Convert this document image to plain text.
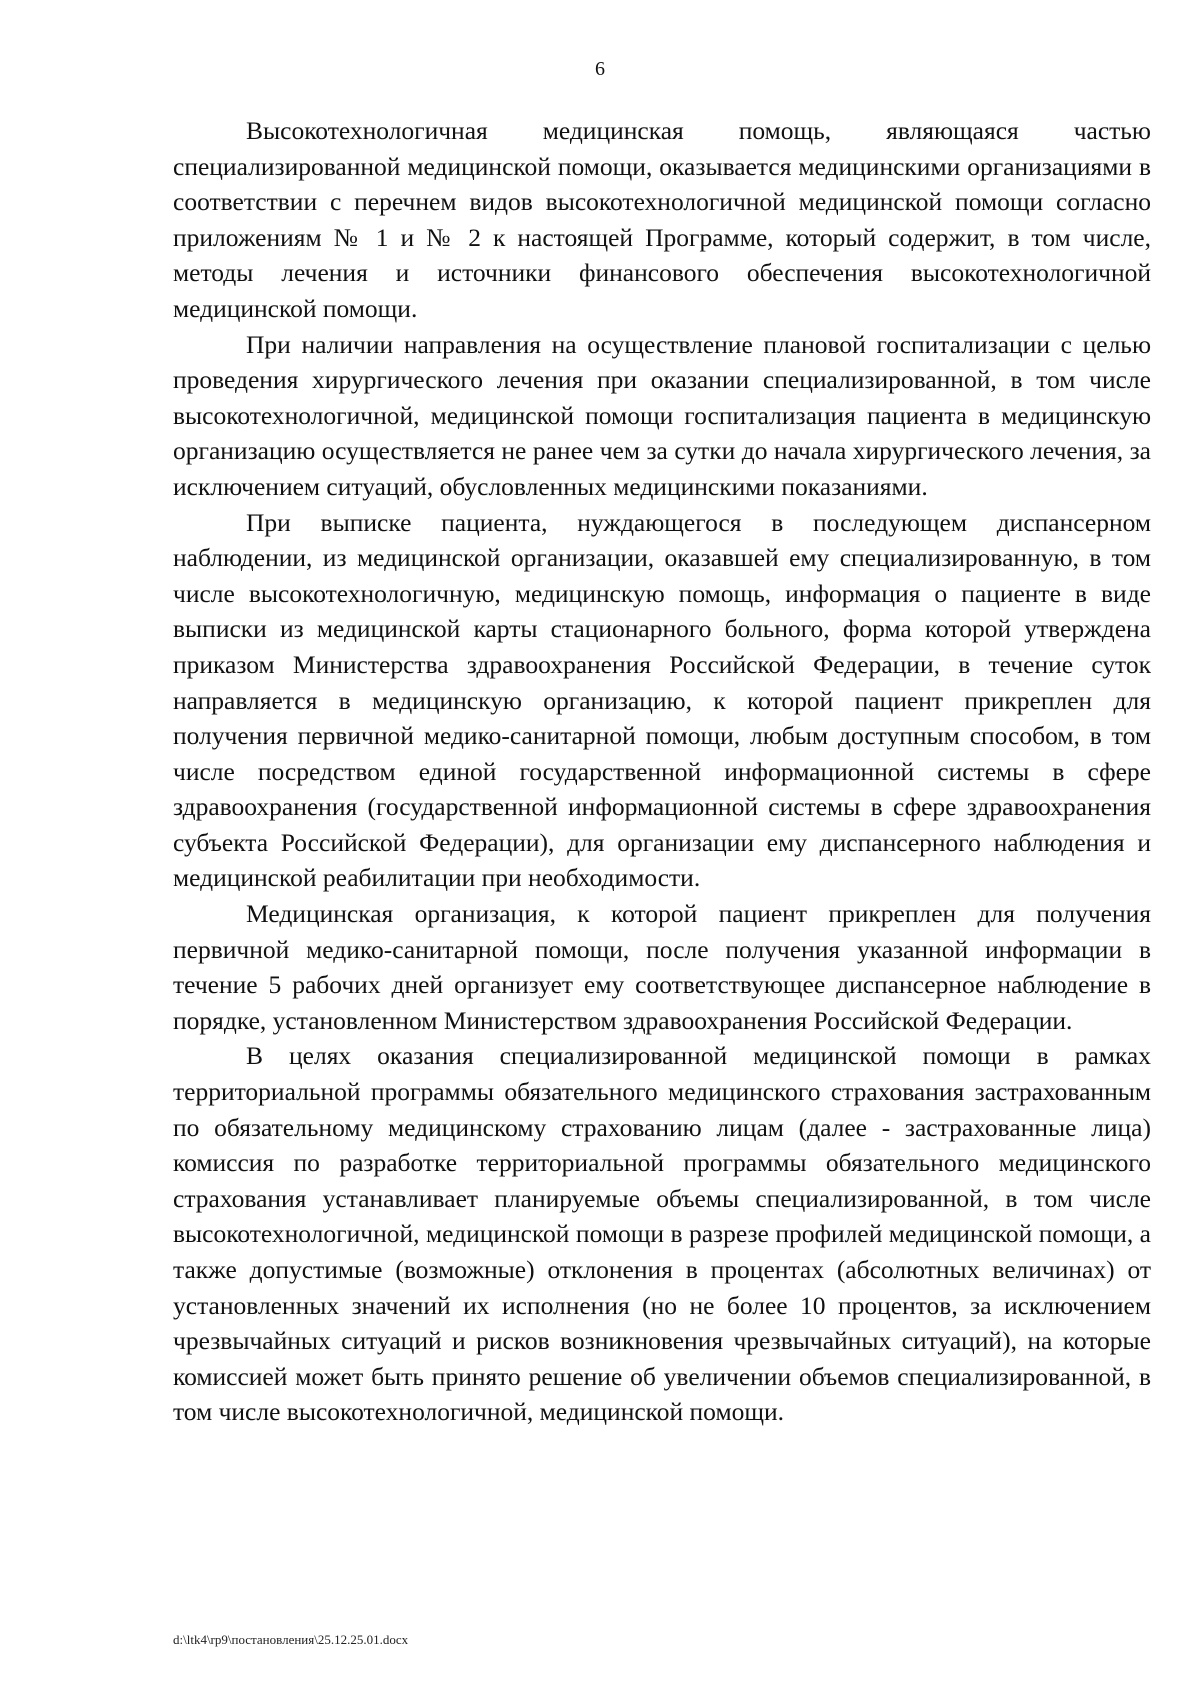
6

Высокотехнологичная медицинская помощь, являющаяся частью специализированной медицинской помощи, оказывается медицинскими организациями в соответствии с перечнем видов высокотехнологичной медицинской помощи согласно приложениям № 1 и № 2 к настоящей Программе, который содержит, в том числе, методы лечения и источники финансового обеспечения высокотехнологичной медицинской помощи.

При наличии направления на осуществление плановой госпитализации с целью проведения хирургического лечения при оказании специализированной, в том числе высокотехнологичной, медицинской помощи госпитализация пациента в медицинскую организацию осуществляется не ранее чем за сутки до начала хирургического лечения, за исключением ситуаций, обусловленных медицинскими показаниями.

При выписке пациента, нуждающегося в последующем диспансерном наблюдении, из медицинской организации, оказавшей ему специализированную, в том числе высокотехнологичную, медицинскую помощь, информация о пациенте в виде выписки из медицинской карты стационарного больного, форма которой утверждена приказом Министерства здравоохранения Российской Федерации, в течение суток направляется в медицинскую организацию, к которой пациент прикреплен для получения первичной медико-санитарной помощи, любым доступным способом, в том числе посредством единой государственной информационной системы в сфере здравоохранения (государственной информационной системы в сфере здравоохранения субъекта Российской Федерации), для организации ему диспансерного наблюдения и медицинской реабилитации при необходимости.

Медицинская организация, к которой пациент прикреплен для получения первичной медико-санитарной помощи, после получения указанной информации в течение 5 рабочих дней организует ему соответствующее диспансерное наблюдение в порядке, установленном Министерством здравоохранения Российской Федерации.

В целях оказания специализированной медицинской помощи в рамках территориальной программы обязательного медицинского страхования застрахованным по обязательному медицинскому страхованию лицам (далее - застрахованные лица) комиссия по разработке территориальной программы обязательного медицинского страхования устанавливает планируемые объемы специализированной, в том числе высокотехнологичной, медицинской помощи в разрезе профилей медицинской помощи, а также допустимые (возможные) отклонения в процентах (абсолютных величинах) от установленных значений их исполнения (но не более 10 процентов, за исключением чрезвычайных ситуаций и рисков возникновения чрезвычайных ситуаций), на которые комиссией может быть принято решение об увеличении объемов специализированной, в том числе высокотехнологичной, медицинской помощи.

d:\ltk4\rp9\постановления\25.12.25.01.docx
